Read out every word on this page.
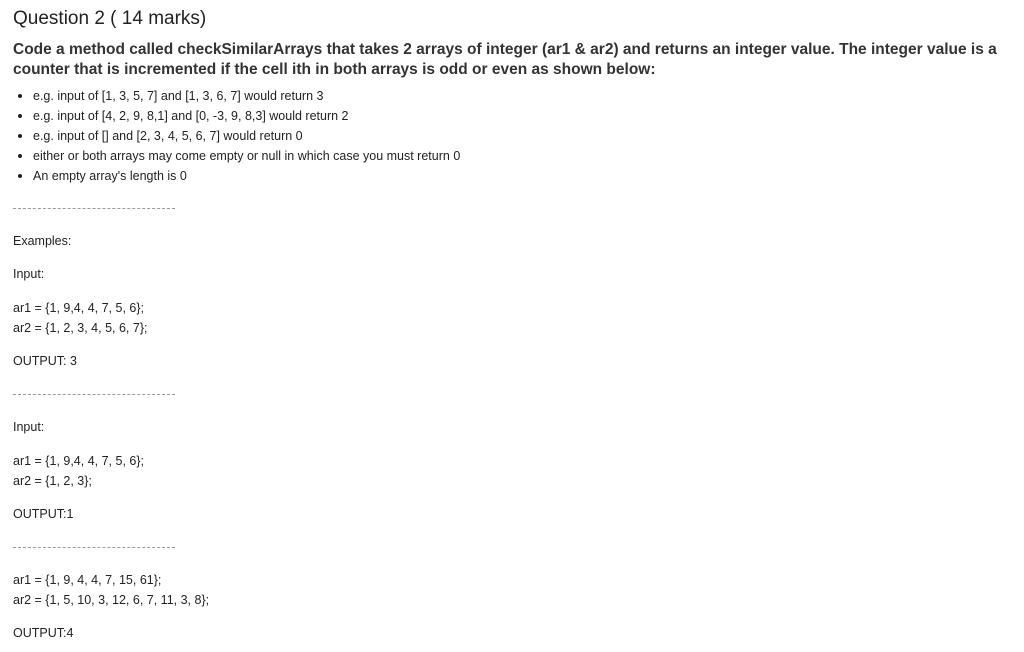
Question 2 ( 14 marks)

Code a method called checkSimilarArrays that takes 2 arrays of integer (ar1 & ar2) and returns an integer value. The integer value is a counter that is incremented if the cell ith in both arrays is odd or even as shown below:

e.g. input of [1, 3, 5, 7] and [1, 3, 6, 7] would return 3
e.g. input of [4, 2, 9, 8,1] and [0, -3, 9, 8,3] would return 2
e.g. input of [] and [2, 3, 4, 5, 6, 7] would return 0
either or both arrays may come empty or null in which case you must return 0
An empty array's length is 0
Examples:
Input:
ar1 = {1, 9,4, 4, 7, 5, 6};
ar2 = {1, 2, 3, 4, 5, 6, 7};
OUTPUT: 3
Input:
ar1 = {1, 9,4, 4, 7, 5, 6};
ar2 = {1, 2, 3};
OUTPUT:1
ar1 = {1, 9, 4, 4, 7, 15, 61};
ar2 = {1, 5, 10, 3, 12, 6, 7, 11, 3, 8};
OUTPUT:4
